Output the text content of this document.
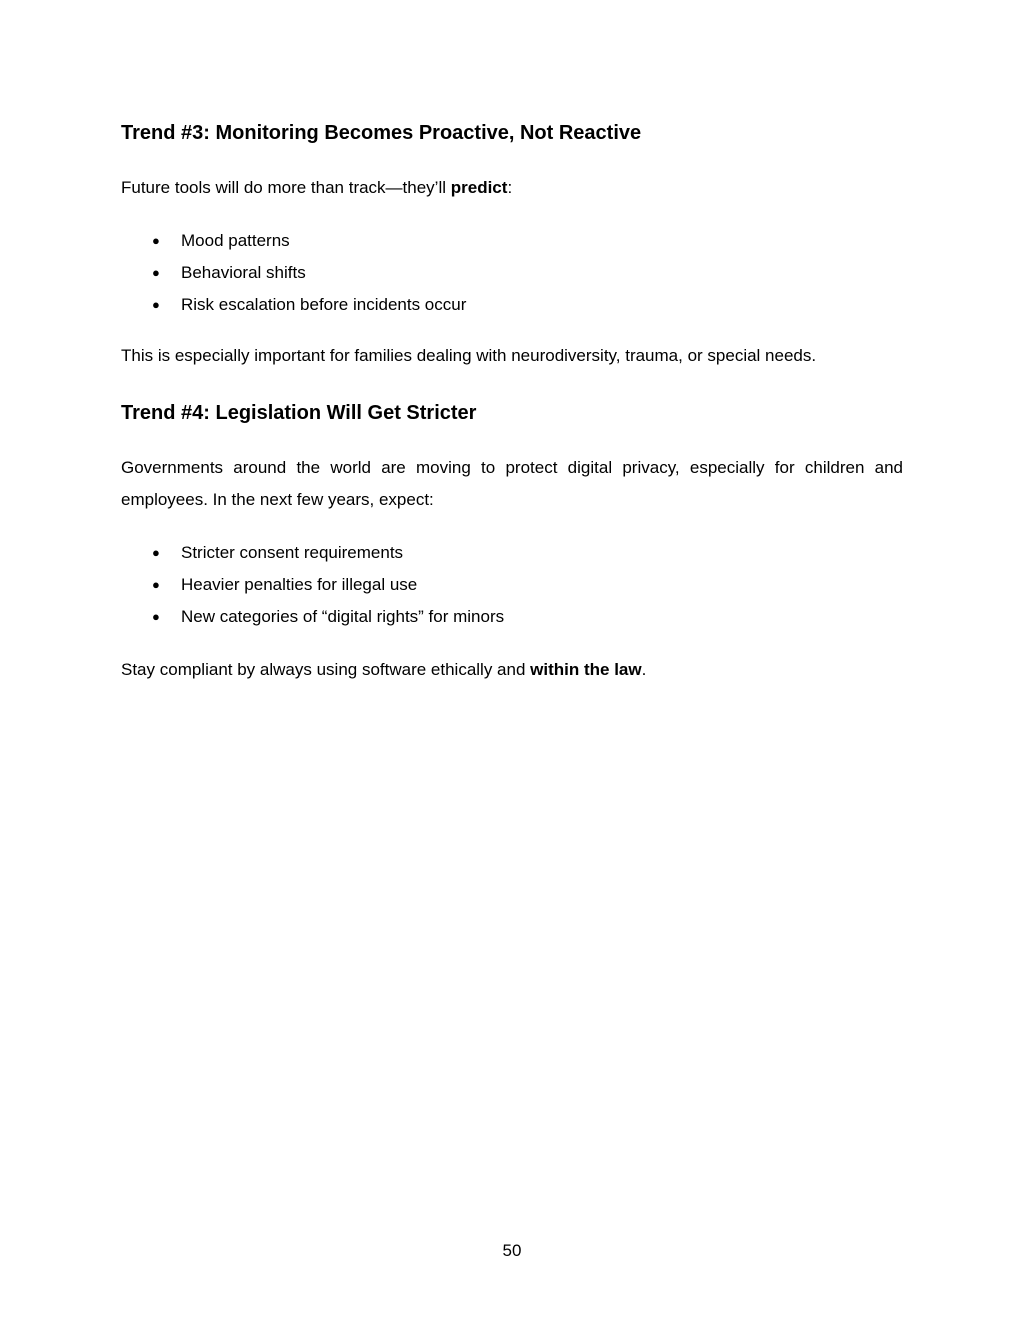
Trend #3: Monitoring Becomes Proactive, Not Reactive

Future tools will do more than track—they’ll predict:

● Mood patterns
● Behavioral shifts
● Risk escalation before incidents occur

This is especially important for families dealing with neurodiversity, trauma, or special needs.

Trend #4: Legislation Will Get Stricter

Governments around the world are moving to protect digital privacy, especially for children and employees. In the next few years, expect:

● Stricter consent requirements
● Heavier penalties for illegal use
● New categories of “digital rights” for minors

Stay compliant by always using software ethically and within the law.

50
